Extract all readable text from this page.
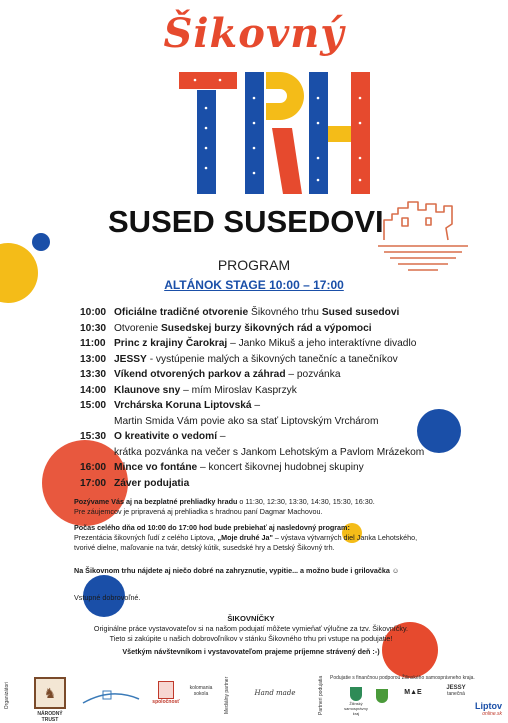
Šikovný
SUSED SUSEDOVI
PROGRAM
ALTÁNOK STAGE 10:00 – 17:00
10:00 Oficiálne tradičné otvorenie Šikovného trhu Sused susedovi
10:30 Otvorenie Susedskej burzy šikovných rád a výpomoci
11:00 Princ z krajiny Čarokraj – Janko Mikuš a jeho interaktívne divadlo
13:00 JESSY - vystúpenie malých a šikovných tanečníc a tanečníkov
13:30 Víkend otvorených parkov a záhrad – pozvánka
14:00 Klaunove sny – mím Miroslav Kasprzyk
15:00 Vrchárska Koruna Liptovská –
Martin Smida Vám povie ako sa stať Liptovským Vrchárom
15:30 O kreativite o vedomí –
krátka pozvánka na večer s Jankom Lehotským a Pavlom Mrázekom
16:00 Mince vo fontáne – koncert šikovnej hudobnej skupiny
17:00 Záver podujatia

Pozývame Vás aj na bezplatné prehliadky hradu o 11:30, 12:30, 13:30, 14:30, 15:30, 16:30.

Pre záujemcov je pripravená aj prehliadka s hradnou paní Dagmar Machovou.

Počas celého dňa od 10:00 do 17:00 hod bude prebiehať aj nasledovný program:

Prezentácia šikovných ľudí z celého Liptova, „Moje druhé Ja" – výstava výtvarných diel Janka Lehotského,

tvorivé dielne, maľovanie na tvár, detský kútik, susedské hry a Detský Šikovný trh.

Na Šikovnom trhu nájdete aj niečo dobré na zahryznutie, vypitie... a možno bude i grilovačka ☺

Vstupné dobrovoľné.

ŠIKOVNÍČKY

Originálne práce vystavovateľov si na našom podujatí môžete vymieňať výlučne za tzv. Šikovníčky.

Tieto si zakúpite u našich dobrovoľníkov v stánku Šikovného trhu pri vstupe na podujatie!

Všetkým návštevníkom i vystavovateľom prajeme príjemne strávený deň :-)

Organizátori	♞
NÁRODNÝ TRUST
spoločnosť
kolomania sokola	Mediálny partner	Hand made	Partneri podujatia	Podujatie s finančnou podporou Žilinského samosprávneho kraja.
Žilinský samosprávny kraj
M▲E
JESSY
tanečná
Liptov
online.sk
